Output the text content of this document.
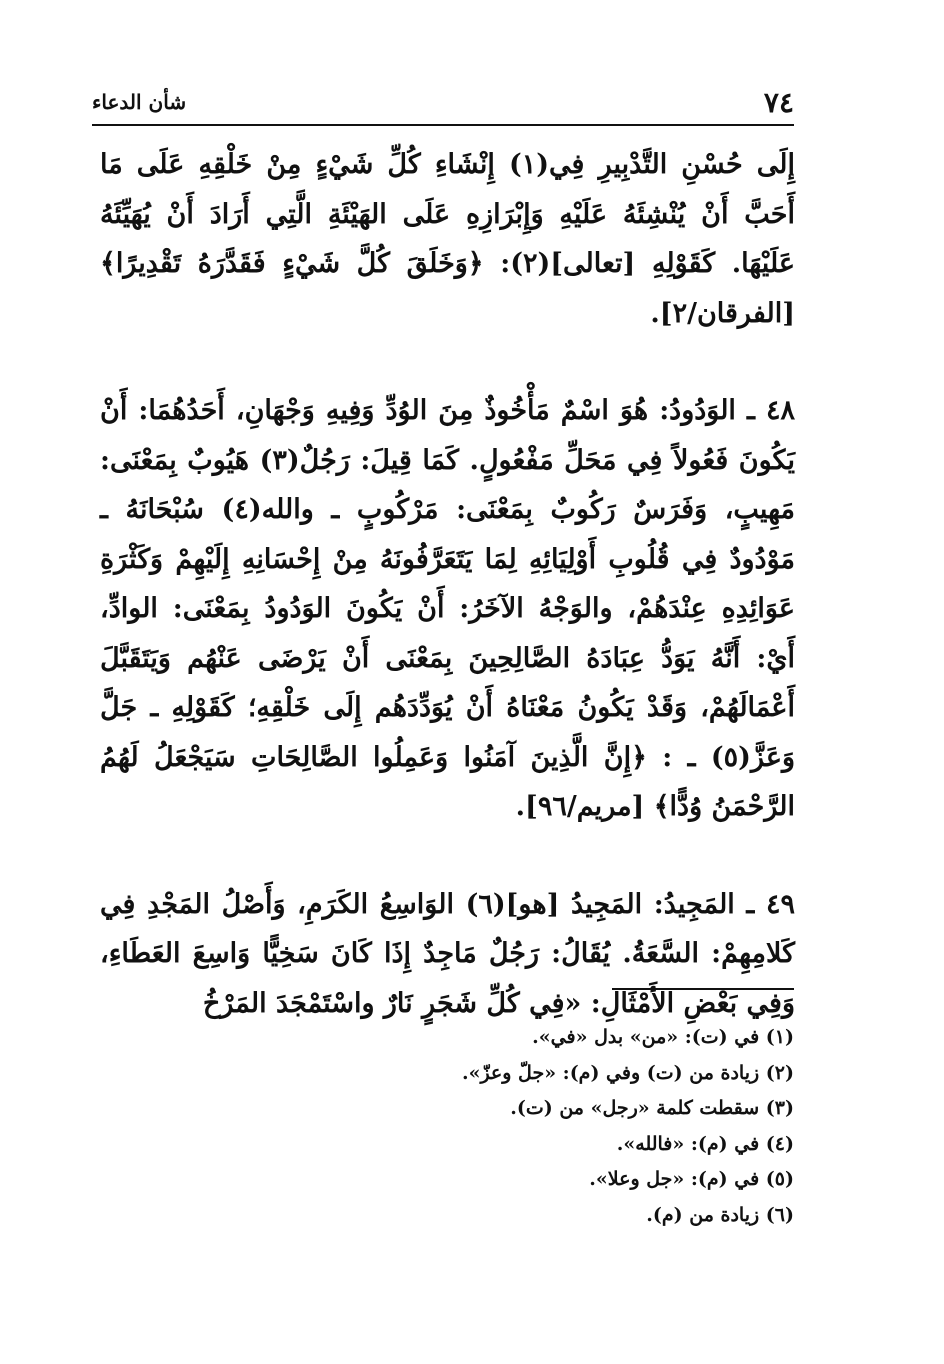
٧٤
شأن الدعاء

إِلَى حُسْنِ التَّدْبِيرِ فِي(١) إِنْشَاءِ كُلِّ شَيْءٍ مِنْ خَلْقِهِ عَلَى مَا أَحَبَّ أَنْ يُنْشِئَهُ عَلَيْهِ وَإِبْرَازِهِ عَلَى الهَيْئَةِ الَّتِي أَرَادَ أَنْ يُهَيِّئَهُ عَلَيْهَا. كَقَوْلِهِ [تعالى](٢): ﴿وَخَلَقَ كُلَّ شَيْءٍ فَقَدَّرَهُ تَقْدِيرًا﴾ [الفرقان/٢].

٤٨ ـ الوَدُودُ: هُوَ اسْمٌ مَأْخُوذٌ مِنَ الوُدِّ وَفِيهِ وَجْهَانِ، أَحَدُهُمَا: أَنْ يَكُونَ فَعُولاً فِي مَحَلِّ مَفْعُولٍ. كَمَا قِيلَ: رَجُلٌ(٣) هَيُوبٌ بِمَعْنَى: مَهِيبٍ، وَفَرَسٌ رَكُوبٌ بِمَعْنَى: مَرْكُوبٍ ـ والله(٤) سُبْحَانَهُ ـ مَوْدُودٌ فِي قُلُوبِ أَوْلِيَائِهِ لِمَا يَتَعَرَّفُونَهُ مِنْ إِحْسَانِهِ إِلَيْهِمْ وَكَثْرَةِ عَوَائِدِهِ عِنْدَهُمْ، والوَجْهُ الآخَرُ: أَنْ يَكُونَ الوَدُودُ بِمَعْنَى: الوادِّ، أَيْ: أَنَّهُ يَوَدُّ عِبَادَهُ الصَّالِحِينَ بِمَعْنَى أَنْ يَرْضَى عَنْهُم وَيَتَقَبَّلَ أَعْمَالَهُمْ، وَقَدْ يَكُونُ مَعْنَاهُ أَنْ يُوَدِّدَهُم إِلَى خَلْقِهِ؛ كَقَوْلِهِ ـ جَلَّ وَعَزَّ(٥) ـ : ﴿إِنَّ الَّذِينَ آمَنُوا وَعَمِلُوا الصَّالِحَاتِ سَيَجْعَلُ لَهُمُ الرَّحْمَنُ وُدًّا﴾ [مريم/٩٦].

٤٩ ـ المَجِيدُ: المَجِيدُ [هو](٦) الوَاسِعُ الكَرَمِ، وَأَصْلُ المَجْدِ فِي كَلامِهِمْ: السَّعَةُ. يُقَالُ: رَجُلٌ مَاجِدٌ إِذَا كَانَ سَخِيًّا وَاسِعَ العَطَاءِ، وَفِي بَعْضِ الأَمْثَالِ: «فِي كُلِّ شَجَرٍ نَارٌ واسْتَمْجَدَ المَرْخُ

(١) في (ت): «من» بدل «في».
(٢) زيادة من (ت) وفي (م): «جلّ وعزّ».
(٣) سقطت كلمة «رجل» من (ت).
(٤) في (م): «فالله».
(٥) في (م): «جل وعلا».
(٦) زيادة من (م).
